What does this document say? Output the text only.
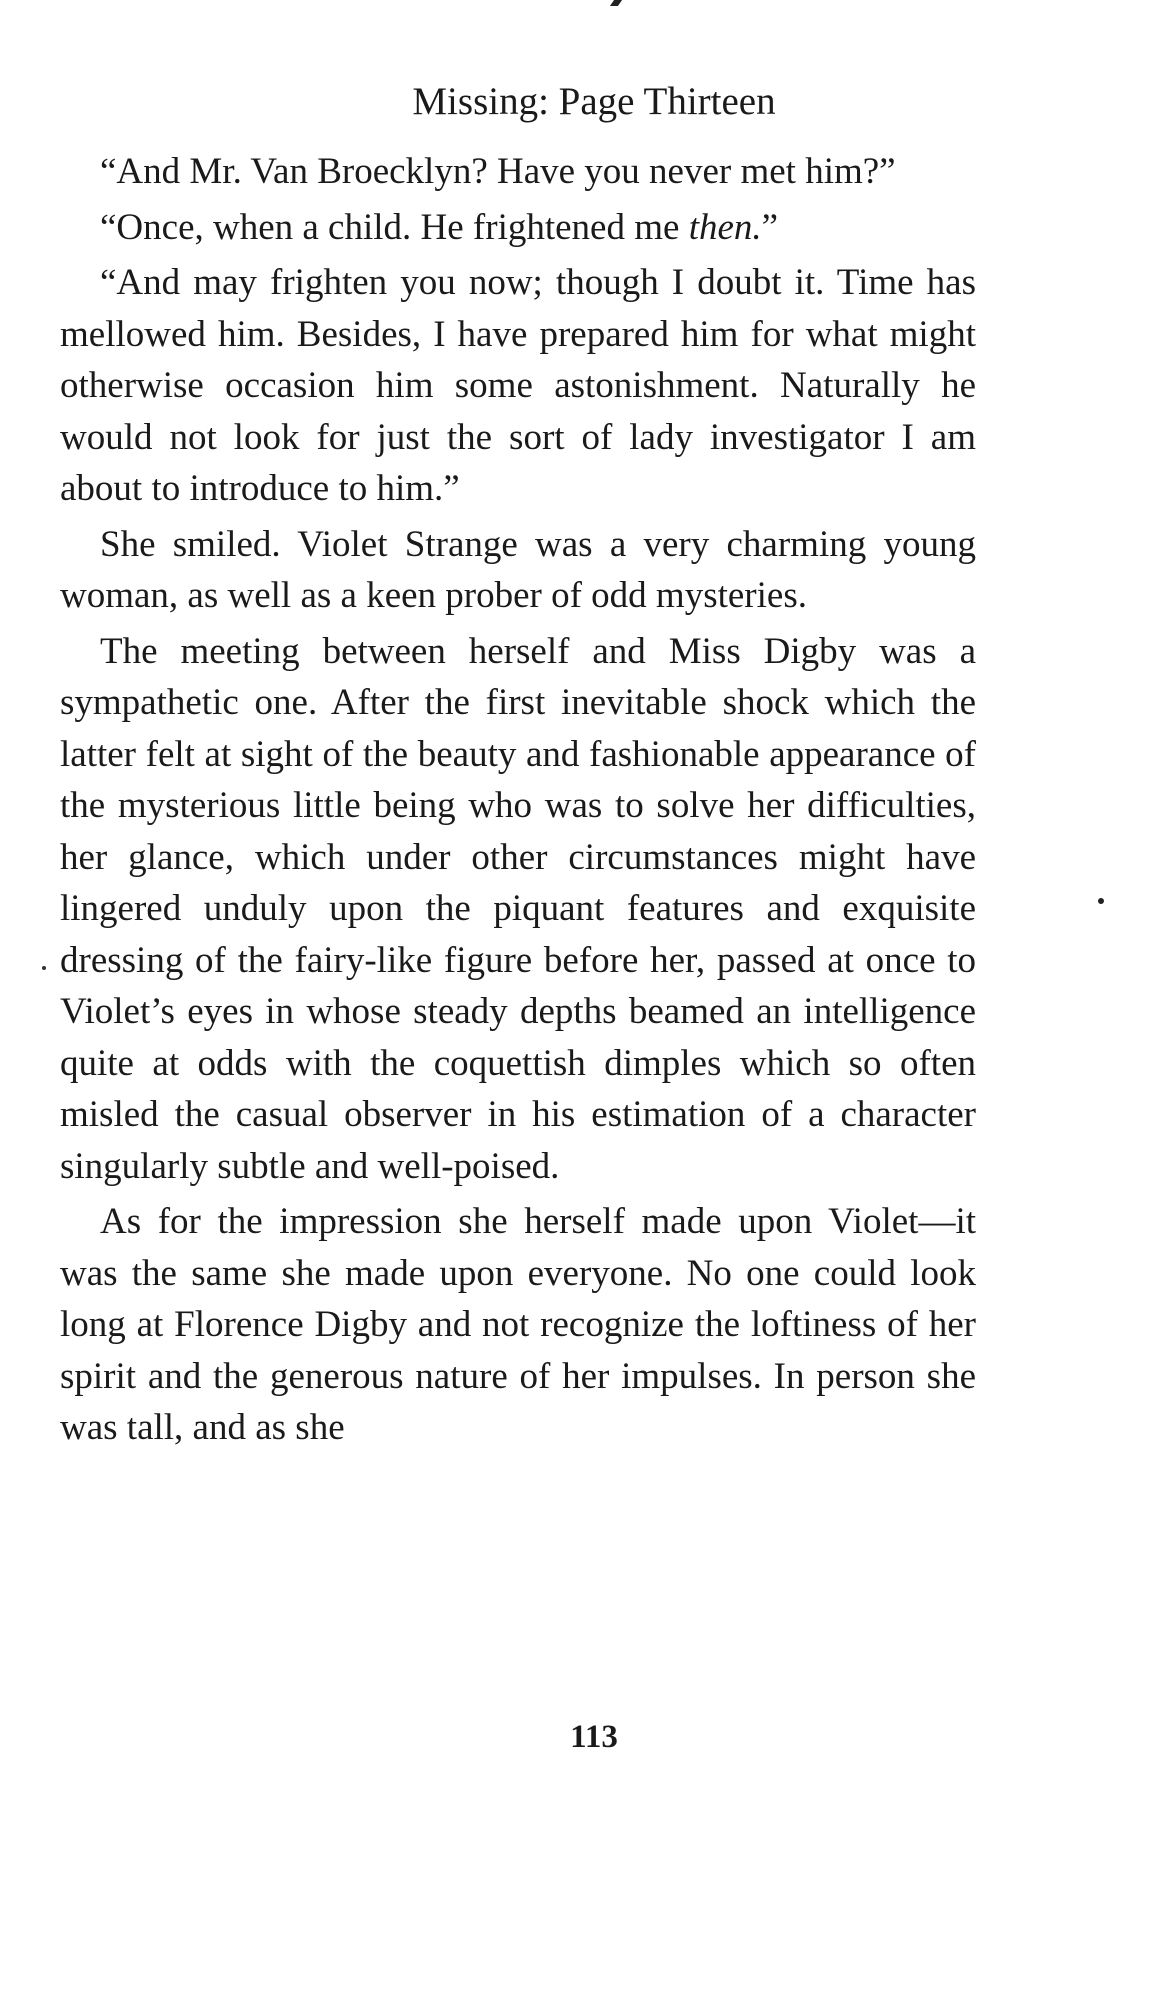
Missing: Page Thirteen

“And Mr. Van Broecklyn? Have you never met him?”

“Once, when a child. He frightened me then.”

“And may frighten you now; though I doubt it. Time has mellowed him. Besides, I have prepared him for what might otherwise occasion him some astonishment. Naturally he would not look for just the sort of lady investigator I am about to introduce to him.”

She smiled. Violet Strange was a very charming young woman, as well as a keen prober of odd mysteries.

The meeting between herself and Miss Digby was a sympathetic one. After the first inevitable shock which the latter felt at sight of the beauty and fashionable appearance of the mysterious little being who was to solve her difficulties, her glance, which under other circumstances might have lingered unduly upon the piquant features and exquisite dressing of the fairy-like figure before her, passed at once to Violet’s eyes in whose steady depths beamed an intelligence quite at odds with the coquettish dimples which so often misled the casual observer in his estimation of a character singularly subtle and well-poised.

As for the impression she herself made upon Violet—it was the same she made upon everyone. No one could look long at Florence Digby and not recognize the loftiness of her spirit and the generous nature of her impulses. In person she was tall, and as she

113
